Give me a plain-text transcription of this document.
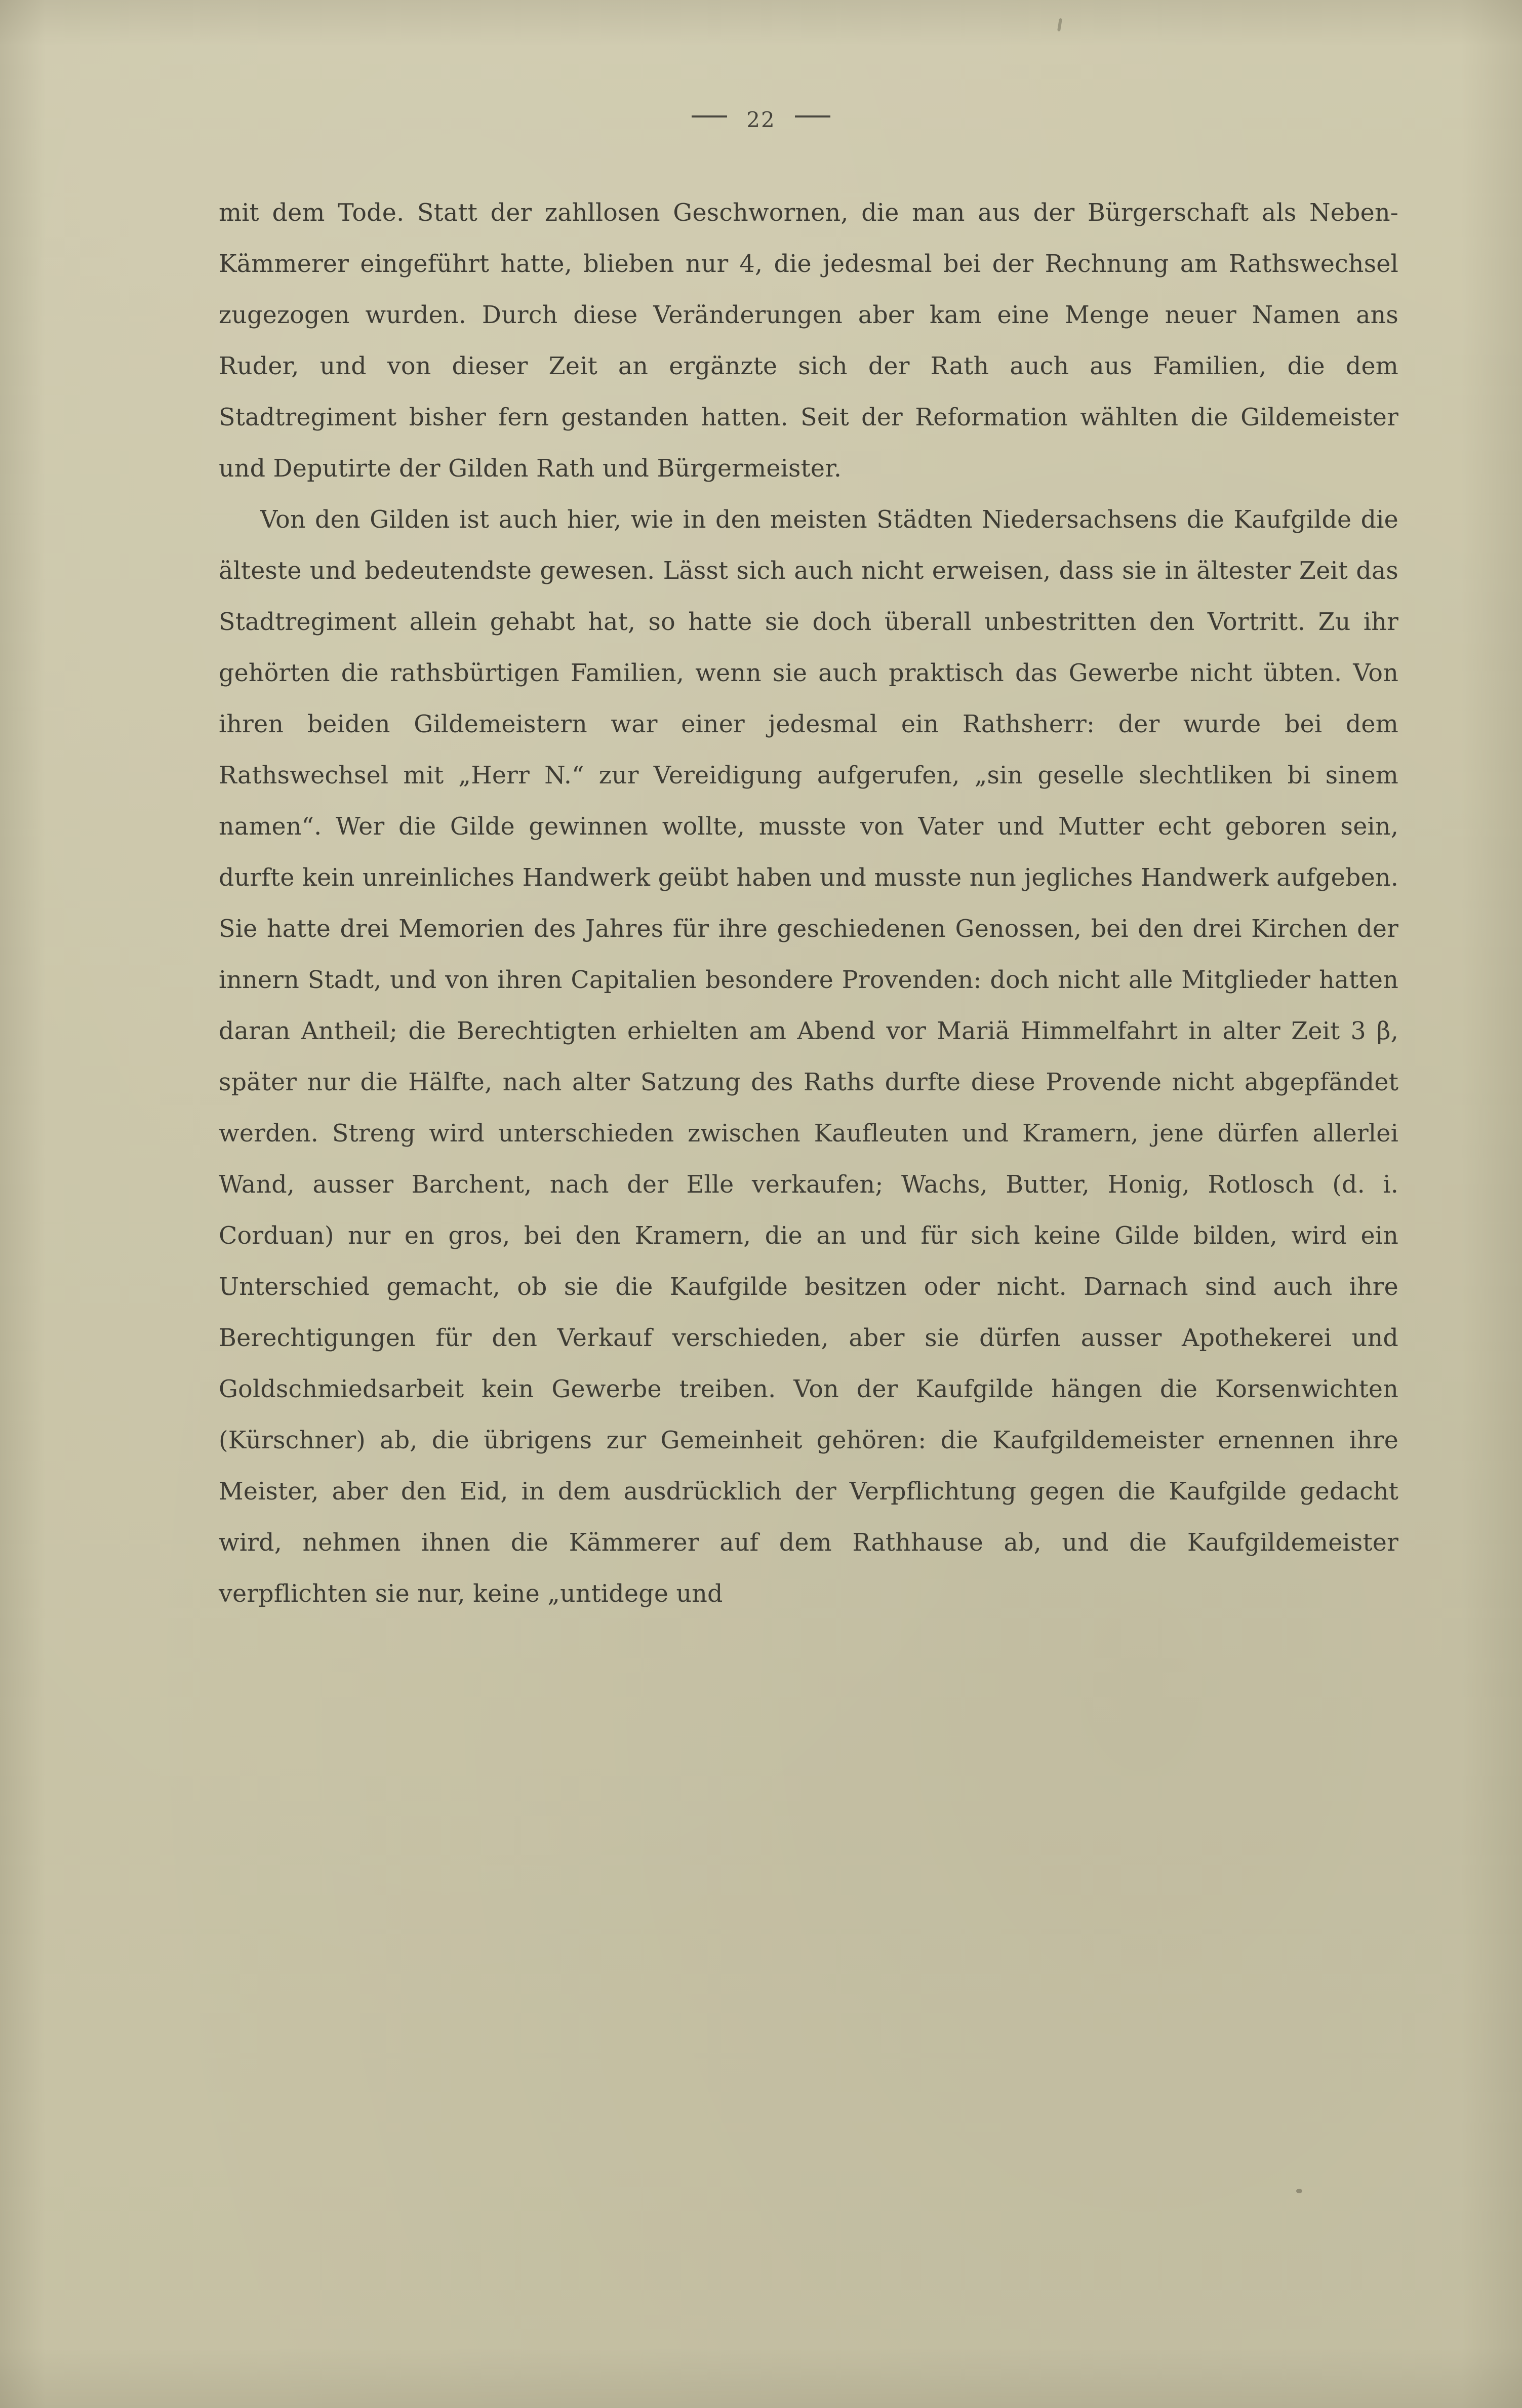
22

mit dem Tode. Statt der zahllosen Geschwornen, die man aus der Bürgerschaft als Neben-Kämmerer eingeführt hatte, blieben nur 4, die jedesmal bei der Rechnung am Rathswechsel zugezogen wurden. Durch diese Veränderungen aber kam eine Menge neuer Namen ans Ruder, und von dieser Zeit an ergänzte sich der Rath auch aus Familien, die dem Stadtregiment bisher fern gestanden hatten. Seit der Reformation wählten die Gildemeister und Deputirte der Gilden Rath und Bürgermeister.

Von den Gilden ist auch hier, wie in den meisten Städten Niedersachsens die Kaufgilde die älteste und bedeutendste gewesen. Lässt sich auch nicht erweisen, dass sie in ältester Zeit das Stadtregiment allein gehabt hat, so hatte sie doch überall unbestritten den Vortritt. Zu ihr gehörten die rathsbürtigen Familien, wenn sie auch praktisch das Gewerbe nicht übten. Von ihren beiden Gildemeistern war einer jedesmal ein Rathsherr: der wurde bei dem Rathswechsel mit „Herr N.“ zur Vereidigung aufgerufen, „sin geselle slechtliken bi sinem namen“. Wer die Gilde gewinnen wollte, musste von Vater und Mutter echt geboren sein, durfte kein unreinliches Handwerk geübt haben und musste nun jegliches Handwerk aufgeben. Sie hatte drei Memorien des Jahres für ihre geschiedenen Genossen, bei den drei Kirchen der innern Stadt, und von ihren Capitalien besondere Provenden: doch nicht alle Mitglieder hatten daran Antheil; die Berechtigten erhielten am Abend vor Mariä Himmelfahrt in alter Zeit 3 β, später nur die Hälfte, nach alter Satzung des Raths durfte diese Provende nicht abgepfändet werden. Streng wird unterschieden zwischen Kaufleuten und Kramern, jene dürfen allerlei Wand, ausser Barchent, nach der Elle verkaufen; Wachs, Butter, Honig, Rotlosch (d. i. Corduan) nur en gros, bei den Kramern, die an und für sich keine Gilde bilden, wird ein Unterschied gemacht, ob sie die Kaufgilde besitzen oder nicht. Darnach sind auch ihre Berechtigungen für den Verkauf verschieden, aber sie dürfen ausser Apothekerei und Goldschmiedsarbeit kein Gewerbe treiben. Von der Kaufgilde hängen die Korsenwichten (Kürschner) ab, die übrigens zur Gemeinheit gehören: die Kaufgildemeister ernennen ihre Meister, aber den Eid, in dem ausdrücklich der Verpflichtung gegen die Kaufgilde gedacht wird, nehmen ihnen die Kämmerer auf dem Rathhause ab, und die Kaufgildemeister verpflichten sie nur, keine „untidege und
